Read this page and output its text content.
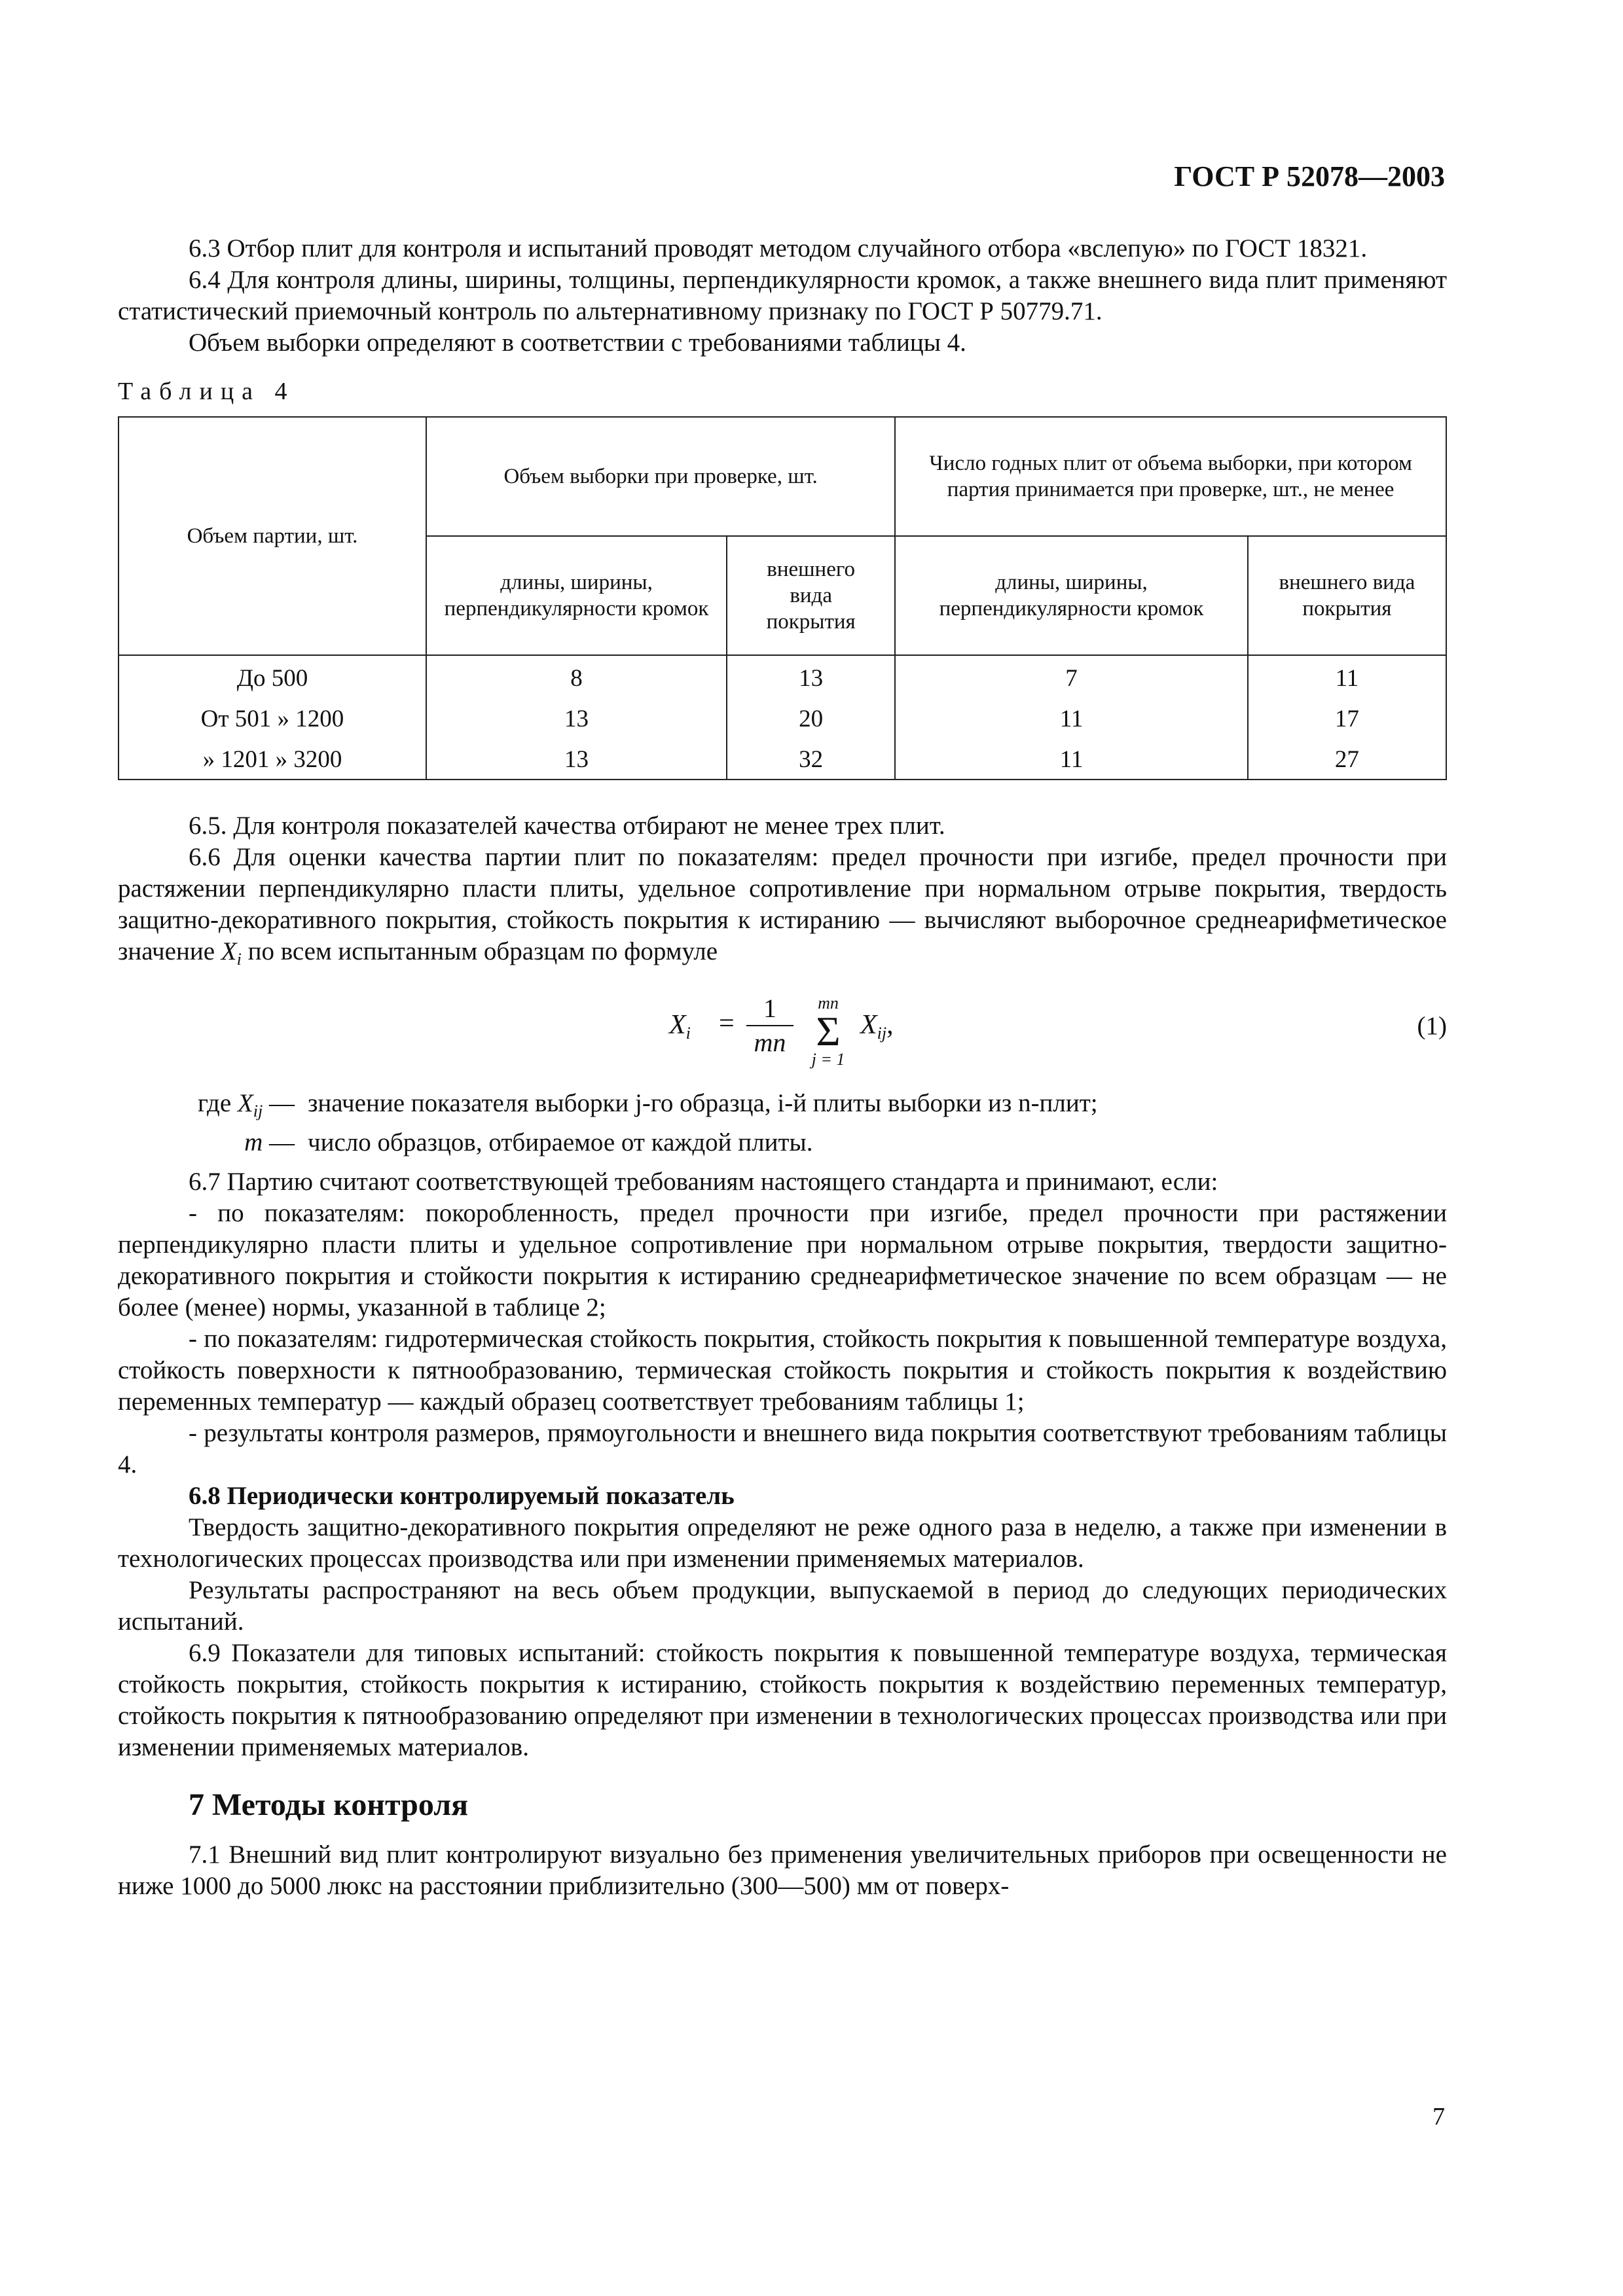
ГОСТ Р 52078—2003

6.3 Отбор плит для контроля и испытаний проводят методом случайного отбора «вслепую» по ГОСТ 18321.

6.4 Для контроля длины, ширины, толщины, перпендикулярности кромок, а также внешнего вида плит применяют статистический приемочный контроль по альтернативному признаку по ГОСТ Р 50779.71.

Объем выборки определяют в соответствии с требованиями таблицы 4.

Таблица 4
Объем партии, шт.	Объем выборки при проверке, шт.		Число годных плит от объема выборки, при котором партия принимается при проверке, шт., не менее	
	длины, ширины, перпендикулярности кромок	внешнего вида покрытия	длины, ширины, перпендикулярности кромок	внешнего вида покрытия
До 500	8	13	7	11
От 501 » 1200	13	20	11	17
» 1201 » 3200	13	32	11	27

6.5. Для контроля показателей качества отбирают не менее трех плит.

6.6 Для оценки качества партии плит по показателям: предел прочности при изгибе, предел прочности при растяжении перпендикулярно пласти плиты, удельное сопротивление при нормальном отрыве покрытия, твердость защитно-декоративного покрытия, стойкость покрытия к истиранию — вычисляют выборочное среднеарифметическое значение $X_i$ по всем испытанным образцам по формуле

$X_i$ =
1
mn
mn
Σ
j = 1
$X_{ij}$,	(1)
где $X_{ij}$ — значение показателя выборки j-го образца, i-й плиты выборки из n-плит;
m — число образцов, отбираемое от каждой плиты.

6.7 Партию считают соответствующей требованиям настоящего стандарта и принимают, если:

- по показателям: покоробленность, предел прочности при изгибе, предел прочности при растяжении перпендикулярно пласти плиты и удельное сопротивление при нормальном отрыве покрытия, твердости защитно-декоративного покрытия и стойкости покрытия к истиранию среднеарифметическое значение по всем образцам — не более (менее) нормы, указанной в таблице 2;

- по показателям: гидротермическая стойкость покрытия, стойкость покрытия к повышенной температуре воздуха, стойкость поверхности к пятнообразованию, термическая стойкость покрытия и стойкость покрытия к воздействию переменных температур — каждый образец соответствует требованиям таблицы 1;

- результаты контроля размеров, прямоугольности и внешнего вида покрытия соответствуют требованиям таблицы 4.

6.8 Периодически контролируемый показатель

Твердость защитно-декоративного покрытия определяют не реже одного раза в неделю, а также при изменении в технологических процессах производства или при изменении применяемых материалов.

Результаты распространяют на весь объем продукции, выпускаемой в период до следующих периодических испытаний.

6.9 Показатели для типовых испытаний: стойкость покрытия к повышенной температуре воздуха, термическая стойкость покрытия, стойкость покрытия к истиранию, стойкость покрытия к воздействию переменных температур, стойкость покрытия к пятнообразованию определяют при изменении в технологических процессах производства или при изменении применяемых материалов.

7 Методы контроля

7.1 Внешний вид плит контролируют визуально без применения увеличительных приборов при освещенности не ниже 1000 до 5000 люкс на расстоянии приблизительно (300—500) мм от поверх-

7
